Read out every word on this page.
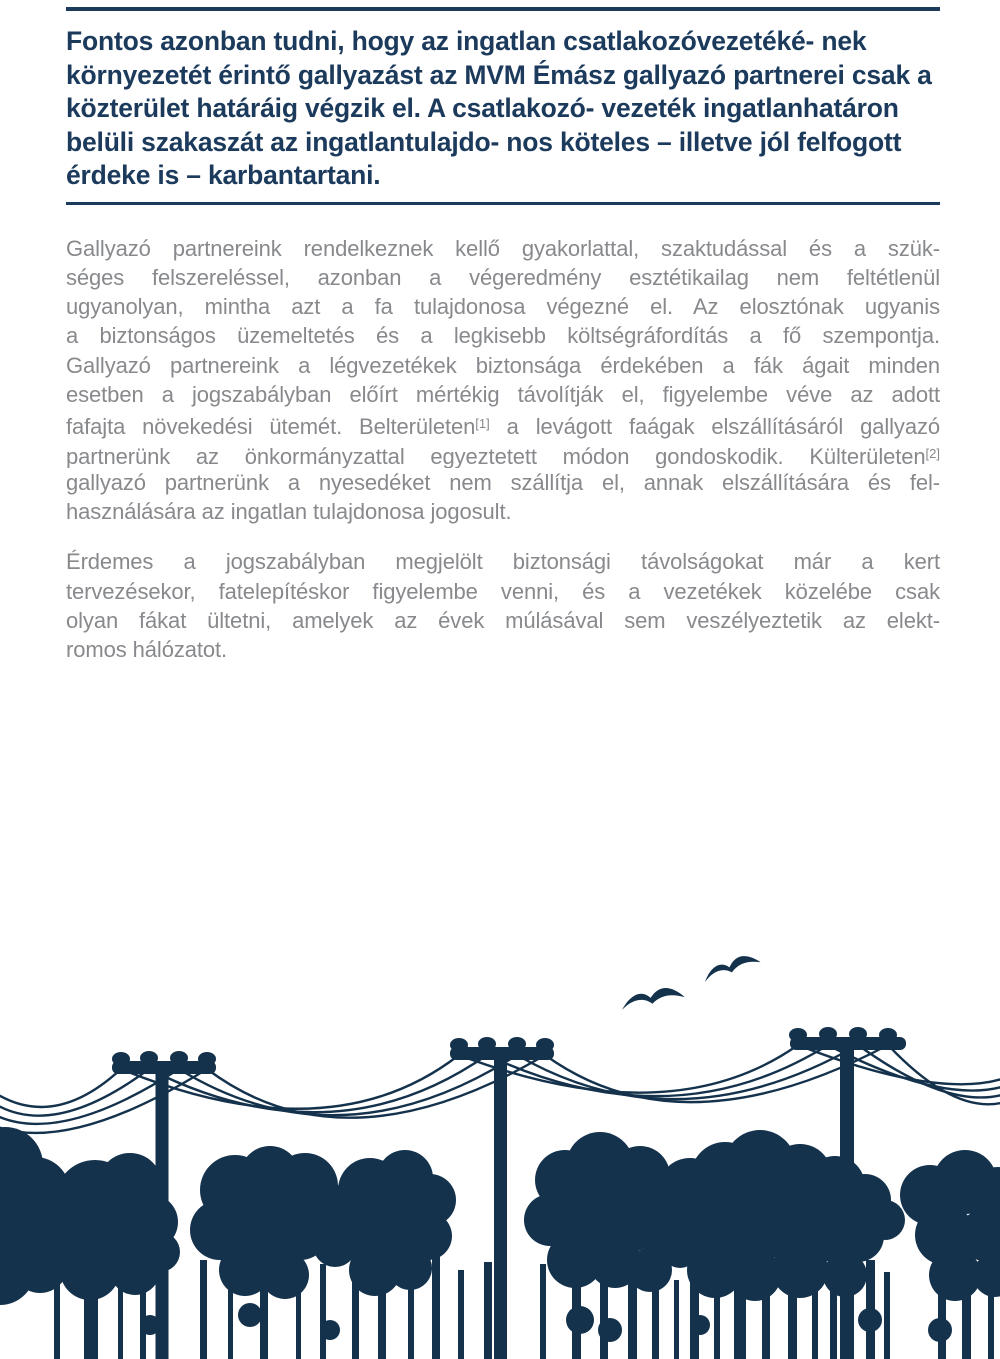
Fontos azonban tudni, hogy az ingatlan csatlakozóvezetéké- nek környezetét érintő gallyazást az MVM Émász gallyazó partnerei csak a közterület határáig végzik el. A csatlakozó- vezeték ingatlanhatáron belüli szakaszát az ingatlantulajdo- nos köteles – illetve jól felfogott érdeke is – karbantartani.
Gallyazó partnereink rendelkeznek kellő gyakorlattal, szaktudással és a szük-
séges felszereléssel, azonban a végeredmény esztétikailag nem feltétlenül
ugyanolyan, mintha azt a fa tulajdonosa végezné el. Az elosztónak ugyanis
a biztonságos üzemeltetés és a legkisebb költségráfordítás a fő szempontja.
Gallyazó partnereink a légvezetékek biztonsága érdekében a fák ágait minden
esetben a jogszabályban előírt mértékig távolítják el, figyelembe véve az adott
fafajta növekedési ütemét. Belterületen[1] a levágott faágak elszállításáról gallyazó
partnerünk az önkormányzattal egyeztetett módon gondoskodik. Külterületen[2]
gallyazó partnerünk a nyesedéket nem szállítja el, annak elszállítására és fel-
használására az ingatlan tulajdonosa jogosult.
Érdemes a jogszabályban megjelölt biztonsági távolságokat már a kert
tervezésekor, fatelepítéskor figyelembe venni, és a vezetékek közelébe csak
olyan fákat ültetni, amelyek az évek múlásával sem veszélyeztetik az elekt-
romos hálózatot.
